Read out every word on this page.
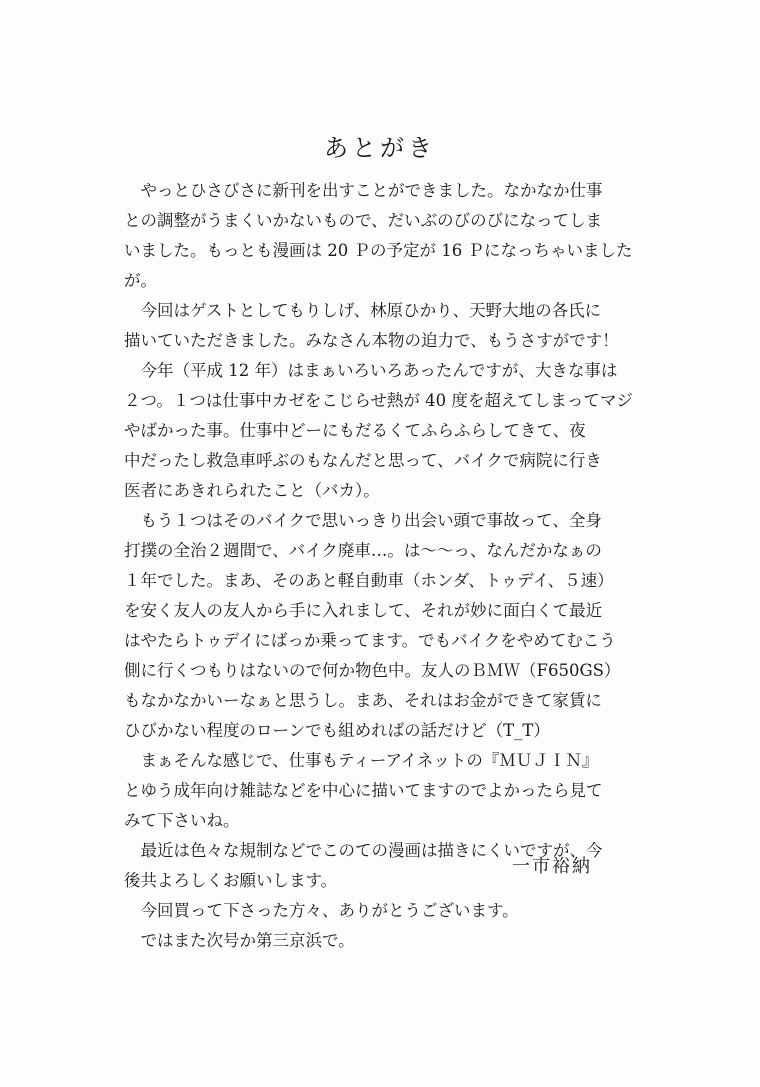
あとがき
　やっとひさびさに新刊を出すことができました。なかなか仕事
との調整がうまくいかないもので、だいぶのびのびになってしま
いました。もっとも漫画は 20 Ｐの予定が 16 Ｐになっちゃいました
が。
　今回はゲストとしてもりしげ、林原ひかり、天野大地の各氏に
描いていただきました。みなさん本物の迫力で、もうさすがです！
　今年（平成 12 年）はまぁいろいろあったんですが、大きな事は
２つ。１つは仕事中カゼをこじらせ熱が 40 度を超えてしまってマジ
やばかった事。仕事中どーにもだるくてふらふらしてきて、夜
中だったし救急車呼ぶのもなんだと思って、バイクで病院に行き
医者にあきれられたこと（バカ）。
　もう１つはそのバイクで思いっきり出会い頭で事故って、全身
打撲の全治２週間で、バイク廃車…。は～～っ、なんだかなぁの
１年でした。まあ、そのあと軽自動車（ホンダ、トゥデイ、５速）
を安く友人の友人から手に入れまして、それが妙に面白くて最近
はやたらトゥデイにばっか乗ってます。でもバイクをやめてむこう
側に行くつもりはないので何か物色中。友人のＢＭＷ（F650GS）
もなかなかいーなぁと思うし。まあ、それはお金ができて家賃に
ひびかない程度のローンでも組めればの話だけど（T_T）
　まぁそんな感じで、仕事もティーアイネットの『ＭＵＪＩＮ』
とゆう成年向け雑誌などを中心に描いてますのでよかったら見て
みて下さいね。
　最近は色々な規制などでこのての漫画は描きにくいですが、今
後共よろしくお願いします。
　今回買って下さった方々、ありがとうございます。
　ではまた次号か第三京浜で。
一市裕納
